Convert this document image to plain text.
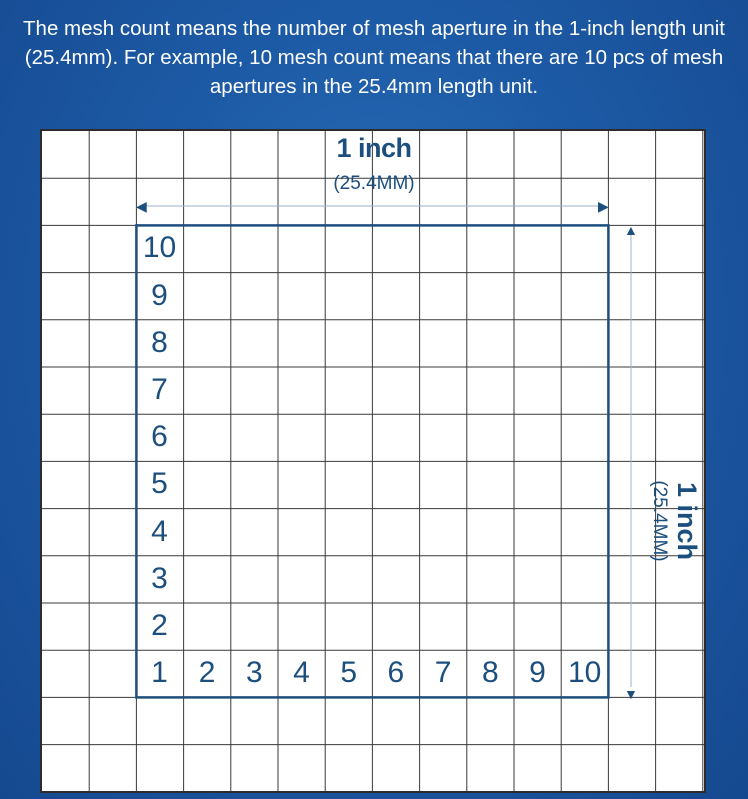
The mesh count means the number of mesh aperture in the 1-inch length unit (25.4mm). For example, 10 mesh count means that there are 10 pcs of mesh apertures in the 25.4mm length unit.
1 inch
(25.4MM)
◀	▶
▲
▼
1 inch
(25.4MM)
10
9
8
7
6
5
4
3
2
1	2	3	4	5	6	7	8	9 10
